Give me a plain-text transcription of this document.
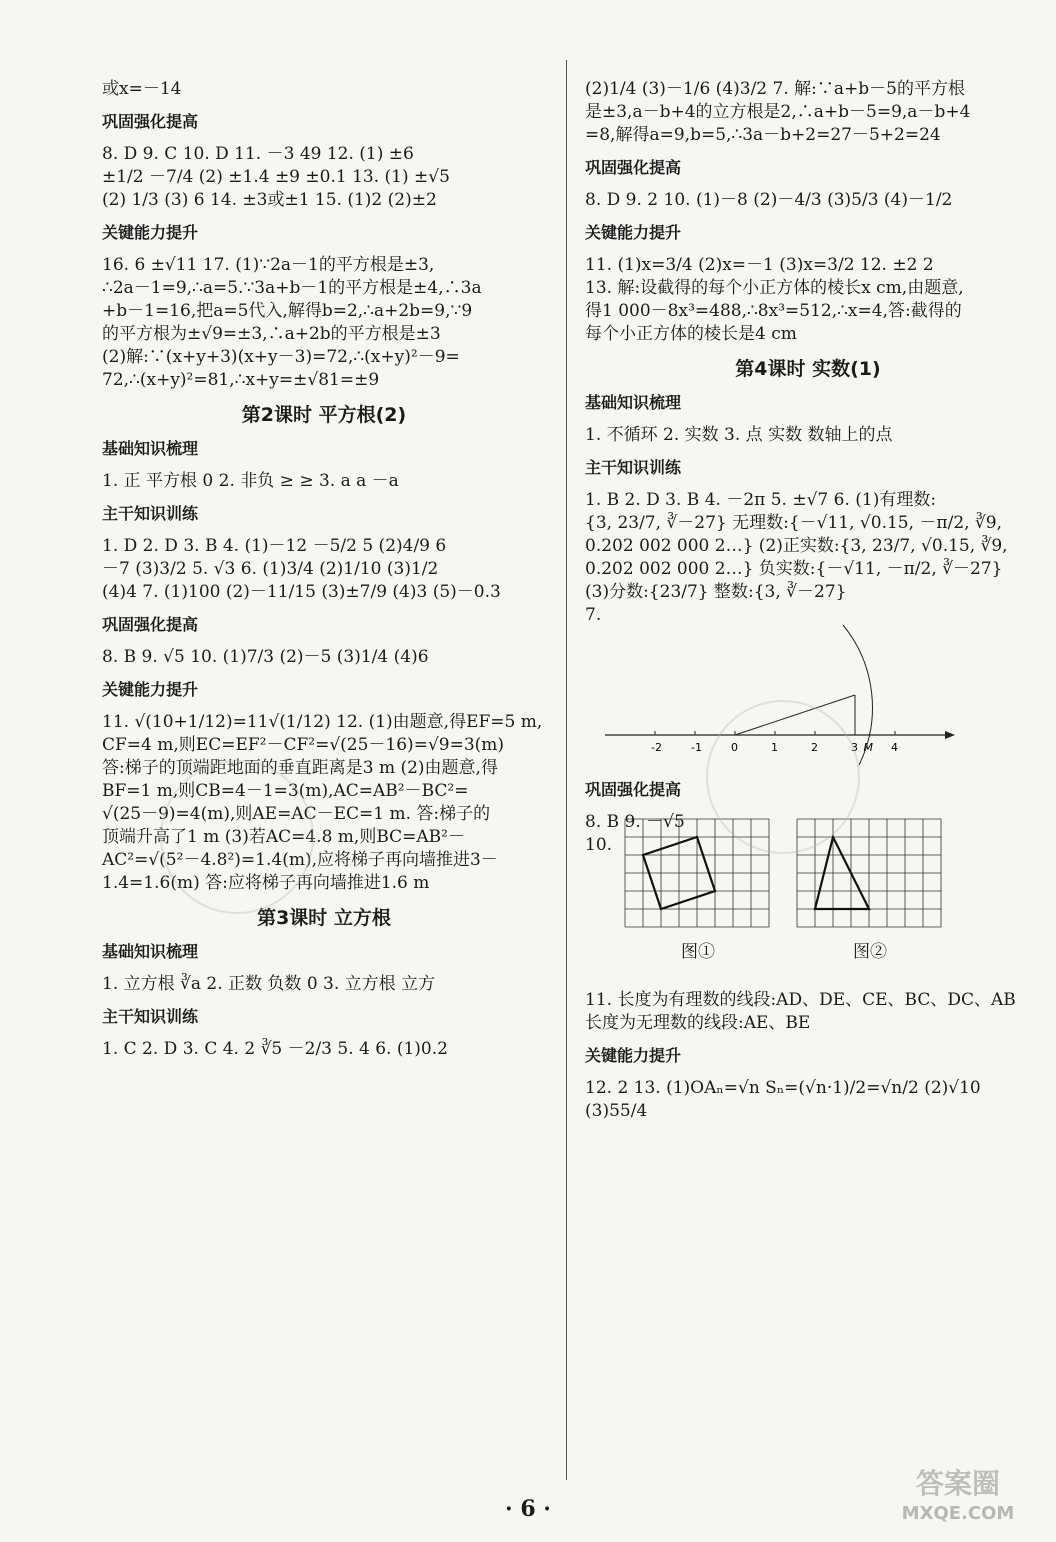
或x=－14
巩固强化提高
8. D 9. C 10. D 11. －3 49 12. (1) ±6
±1/2 －7/4 (2) ±1.4 ±9 ±0.1 13. (1) ±√5
(2) 1/3 (3) 6 14. ±3或±1 15. (1)2 (2)±2
关键能力提升
16. 6 ±√11 17. (1)∵2a－1的平方根是±3,
∴2a－1=9,∴a=5.∵3a+b－1的平方根是±4,∴3a
+b－1=16,把a=5代入,解得b=2,∴a+2b=9,∵9
的平方根为±√9=±3,∴a+2b的平方根是±3
(2)解:∵(x+y+3)(x+y－3)=72,∴(x+y)²－9=
72,∴(x+y)²=81,∴x+y=±√81=±9
第2课时 平方根(2)
基础知识梳理
1. 正 平方根 0 2. 非负 ≥ ≥ 3. a a －a
主干知识训练
1. D 2. D 3. B 4. (1)－12 －5/2 5 (2)4/9 6
－7 (3)3/2 5. √3 6. (1)3/4 (2)1/10 (3)1/2
(4)4 7. (1)100 (2)－11/15 (3)±7/9 (4)3 (5)－0.3
巩固强化提高
8. B 9. √5 10. (1)7/3 (2)－5 (3)1/4 (4)6
关键能力提升
11. √(10+1/12)=11√(1/12) 12. (1)由题意,得EF=5 m,
CF=4 m,则EC=EF²－CF²=√(25－16)=√9=3(m)
答:梯子的顶端距地面的垂直距离是3 m (2)由题意,得
BF=1 m,则CB=4－1=3(m),AC=AB²－BC²=
√(25－9)=4(m),则AE=AC－EC=1 m. 答:梯子的
顶端升高了1 m (3)若AC=4.8 m,则BC=AB²－
AC²=√(5²－4.8²)=1.4(m),应将梯子再向墙推进3－
1.4=1.6(m) 答:应将梯子再向墙推进1.6 m
第3课时 立方根
基础知识梳理
1. 立方根 ∛a 2. 正数 负数 0 3. 立方根 立方
主干知识训练
1. C 2. D 3. C 4. 2 ∛5 －2/3 5. 4 6. (1)0.2
(2)1/4 (3)－1/6 (4)3/2 7. 解:∵a+b－5的平方根
是±3,a－b+4的立方根是2,∴a+b－5=9,a－b+4
=8,解得a=9,b=5,∴3a－b+2=27－5+2=24
巩固强化提高
8. D 9. 2 10. (1)－8 (2)－4/3 (3)5/3 (4)－1/2
关键能力提升
11. (1)x=3/4 (2)x=－1 (3)x=3/2 12. ±2 2
13. 解:设截得的每个小正方体的棱长x cm,由题意,
得1 000－8x³=488,∴8x³=512,∴x=4,答:截得的
每个小正方体的棱长是4 cm
第4课时 实数(1)
基础知识梳理
1. 不循环 2. 实数 3. 点 实数 数轴上的点
主干知识训练
1. B 2. D 3. B 4. －2π 5. ±√7 6. (1)有理数:
{3, 23/7, ∛－27} 无理数:{－√11, √0.15, －π/2, ∛9,
0.202 002 000 2…} (2)正实数:{3, 23/7, √0.15, ∛9,
0.202 002 000 2…} 负实数:{－√11, －π/2, ∛－27}
(3)分数:{23/7} 整数:{3, ∛－27}
7.
-2	-1	0	1	2	3	4
M
巩固强化提高
8. B 9. －√5
10.
图①	图②
11. 长度为有理数的线段:AD、DE、CE、BC、DC、AB
长度为无理数的线段:AE、BE
关键能力提升
12. 2 13. (1)OAₙ=√n Sₙ=(√n·1)/2=√n/2 (2)√10
(3)55/4
· 6 ·
答案圈
MXQE.COM
